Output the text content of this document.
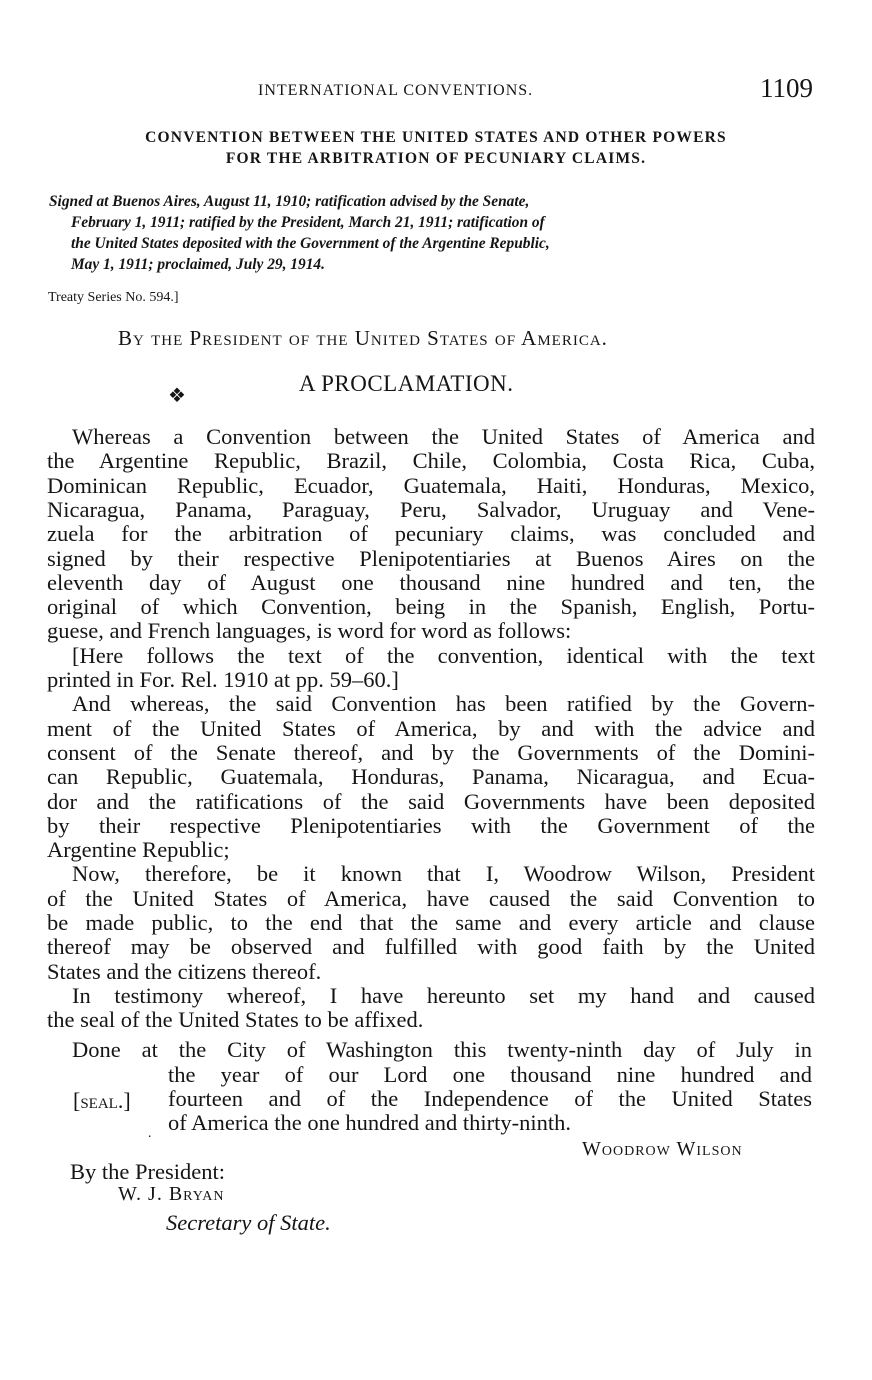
INTERNATIONAL CONVENTIONS.	1109
CONVENTION BETWEEN THE UNITED STATES AND OTHER POWERS
FOR THE ARBITRATION OF PECUNIARY CLAIMS.
Signed at Buenos Aires, August 11, 1910; ratification advised by the Senate,
February 1, 1911; ratified by the President, March 21, 1911; ratification of
the United States deposited with the Government of the Argentine Republic,
May 1, 1911; proclaimed, July 29, 1914.
Treaty Series No. 594.]
By the President of the United States of America.
❖	A PROCLAMATION.
Whereas a Convention between the United States of America and
the Argentine Republic, Brazil, Chile, Colombia, Costa Rica, Cuba,
Dominican Republic, Ecuador, Guatemala, Haiti, Honduras, Mexico,
Nicaragua, Panama, Paraguay, Peru, Salvador, Uruguay and Vene-
zuela for the arbitration of pecuniary claims, was concluded and
signed by their respective Plenipotentiaries at Buenos Aires on the
eleventh day of August one thousand nine hundred and ten, the
original of which Convention, being in the Spanish, English, Portu-
guese, and French languages, is word for word as follows:
[Here follows the text of the convention, identical with the text
printed in For. Rel. 1910 at pp. 59–60.]
And whereas, the said Convention has been ratified by the Govern-
ment of the United States of America, by and with the advice and
consent of the Senate thereof, and by the Governments of the Domini-
can Republic, Guatemala, Honduras, Panama, Nicaragua, and Ecua-
dor and the ratifications of the said Governments have been deposited
by their respective Plenipotentiaries with the Government of the
Argentine Republic;
Now, therefore, be it known that I, Woodrow Wilson, President
of the United States of America, have caused the said Convention to
be made public, to the end that the same and every article and clause
thereof may be observed and fulfilled with good faith by the United
States and the citizens thereof.
In testimony whereof, I have hereunto set my hand and caused
the seal of the United States to be affixed.
Done at the City of Washington this twenty-ninth day of July in
the year of our Lord one thousand nine hundred and
fourteen and of the Independence of the United States
of America the one hundred and thirty-ninth.
[seal.]
.
Woodrow Wilson
By the President:
W. J. Bryan
Secretary of State.
